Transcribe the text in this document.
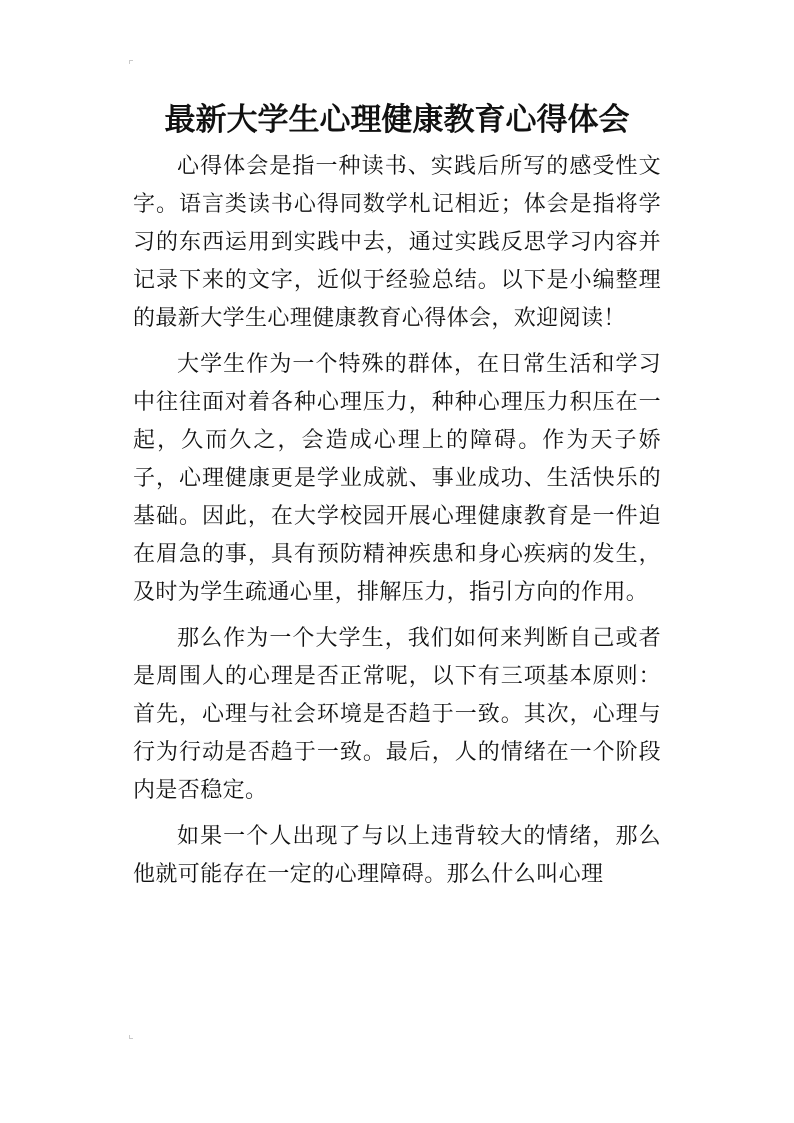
最新大学生心理健康教育心得体会

心得体会是指一种读书、实践后所写的感受性文字。语言类读书心得同数学札记相近；体会是指将学习的东西运用到实践中去，通过实践反思学习内容并记录下来的文字，近似于经验总结。以下是小编整理的最新大学生心理健康教育心得体会，欢迎阅读！

大学生作为一个特殊的群体，在日常生活和学习中往往面对着各种心理压力，种种心理压力积压在一起，久而久之，会造成心理上的障碍。作为天子娇子，心理健康更是学业成就、事业成功、生活快乐的基础。因此，在大学校园开展心理健康教育是一件迫在眉急的事，具有预防精神疾患和身心疾病的发生，及时为学生疏通心里，排解压力，指引方向的作用。

那么作为一个大学生，我们如何来判断自己或者是周围人的心理是否正常呢，以下有三项基本原则：首先，心理与社会环境是否趋于一致。其次，心理与行为行动是否趋于一致。最后，人的情绪在一个阶段内是否稳定。

如果一个人出现了与以上违背较大的情绪，那么他就可能存在一定的心理障碍。那么什么叫心理
